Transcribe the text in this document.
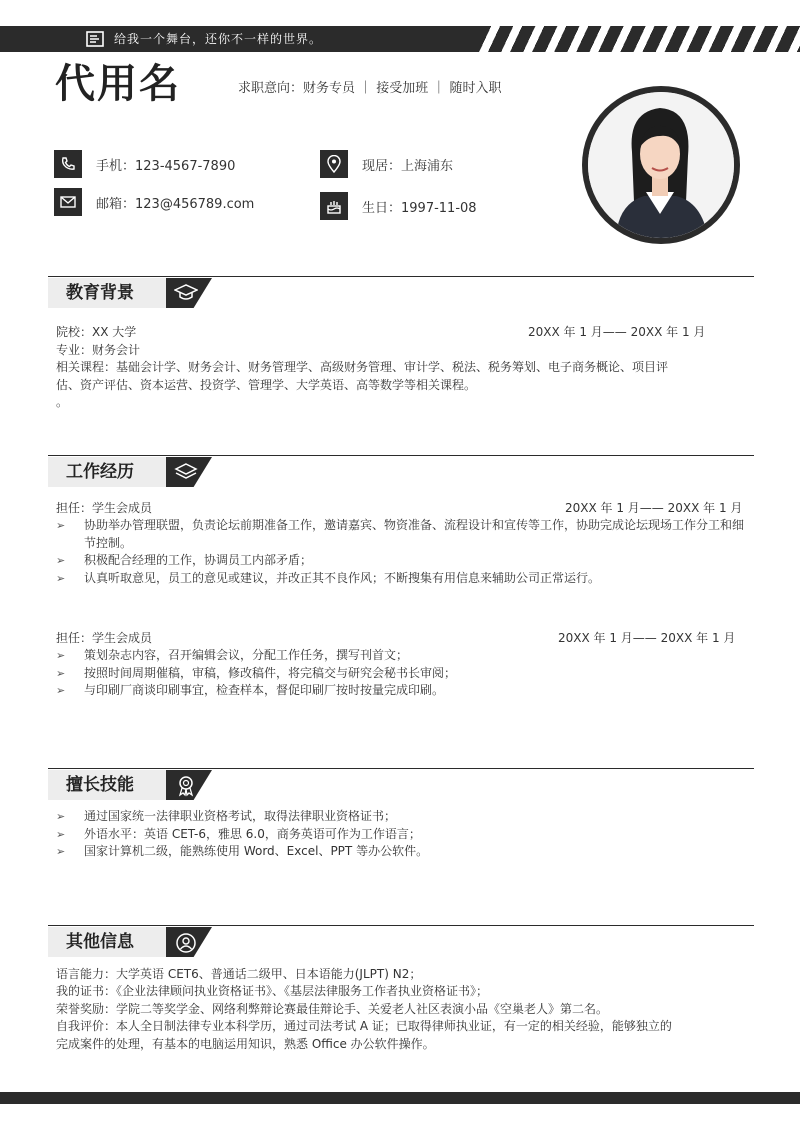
给我一个舞台，还你不一样的世界。
代用名	求职意向：财务专员 ｜ 接受加班 ｜ 随时入职
手机：123-4567-7890
邮箱：123@456789.com
现居：上海浦东
生日：1997-11-08
教育背景
院校：XX 大学	20XX 年 1 月—— 20XX 年 1 月
专业：财务会计
相关课程：基础会计学、财务会计、财务管理学、高级财务管理、审计学、税法、税务筹划、电子商务概论、项目评
估、资产评估、资本运营、投资学、管理学、大学英语、高等数学等相关课程。
。
工作经历
担任：学生会成员	20XX 年 1 月—— 20XX 年 1 月
➢ 协助举办管理联盟，负责论坛前期准备工作，邀请嘉宾、物资准备、流程设计和宣传等工作，协助完成论坛现场工作分工和细节控制。
➢ 积极配合经理的工作，协调员工内部矛盾；
➢ 认真听取意见，员工的意见或建议，并改正其不良作风；不断搜集有用信息来辅助公司正常运行。
担任：学生会成员	20XX 年 1 月—— 20XX 年 1 月
➢ 策划杂志内容，召开编辑会议，分配工作任务，撰写刊首文；
➢ 按照时间周期催稿，审稿，修改稿件，将完稿交与研究会秘书长审阅；
➢ 与印刷厂商谈印刷事宜，检查样本，督促印刷厂按时按量完成印刷。
擅长技能
➢ 通过国家统一法律职业资格考试，取得法律职业资格证书；
➢ 外语水平：英语 CET-6，雅思 6.0，商务英语可作为工作语言；
➢ 国家计算机二级，能熟练使用 Word、Excel、PPT 等办公软件。
其他信息
语言能力：大学英语 CET6、普通话二级甲、日本语能力(JLPT) N2；
我的证书：《企业法律顾问执业资格证书》、《基层法律服务工作者执业资格证书》；
荣誉奖励：学院二等奖学金、网络利弊辩论赛最佳辩论手、关爱老人社区表演小品《空巢老人》第二名。
自我评价：本人全日制法律专业本科学历，通过司法考试 A 证；已取得律师执业证，有一定的相关经验，能够独立的
完成案件的处理，有基本的电脑运用知识，熟悉 Office 办公软件操作。
